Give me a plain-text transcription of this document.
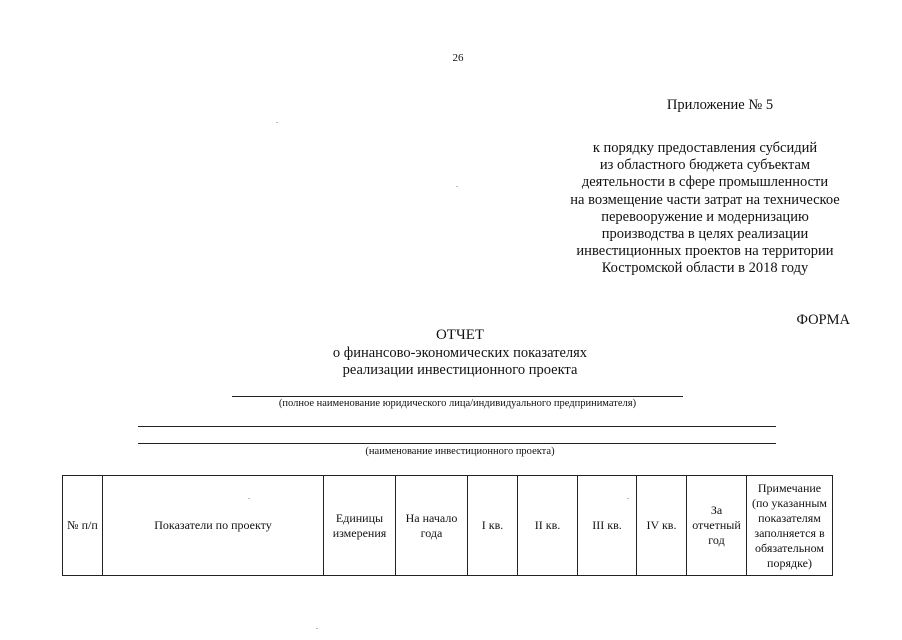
26
Приложение № 5
к порядку предоставления субсидий
из областного бюджета субъектам
деятельности в сфере промышленности
на возмещение части затрат на техническое
перевооружение и модернизацию
производства в целях реализации
инвестиционных проектов на территории
Костромской области в 2018 году
ФОРМА
ОТЧЕТ
о финансово-экономических показателях
реализации инвестиционного проекта
(полное наименование юридического лица/индивидуального предпринимателя)
(наименование инвестиционного проекта)
№ п/п	Показатели по проекту	Единицы измерения	На начало года	I кв.	II кв.	III кв.	IV кв.	За отчетный год	Примечание (по указанным показателям заполняется в обязательном порядке)
